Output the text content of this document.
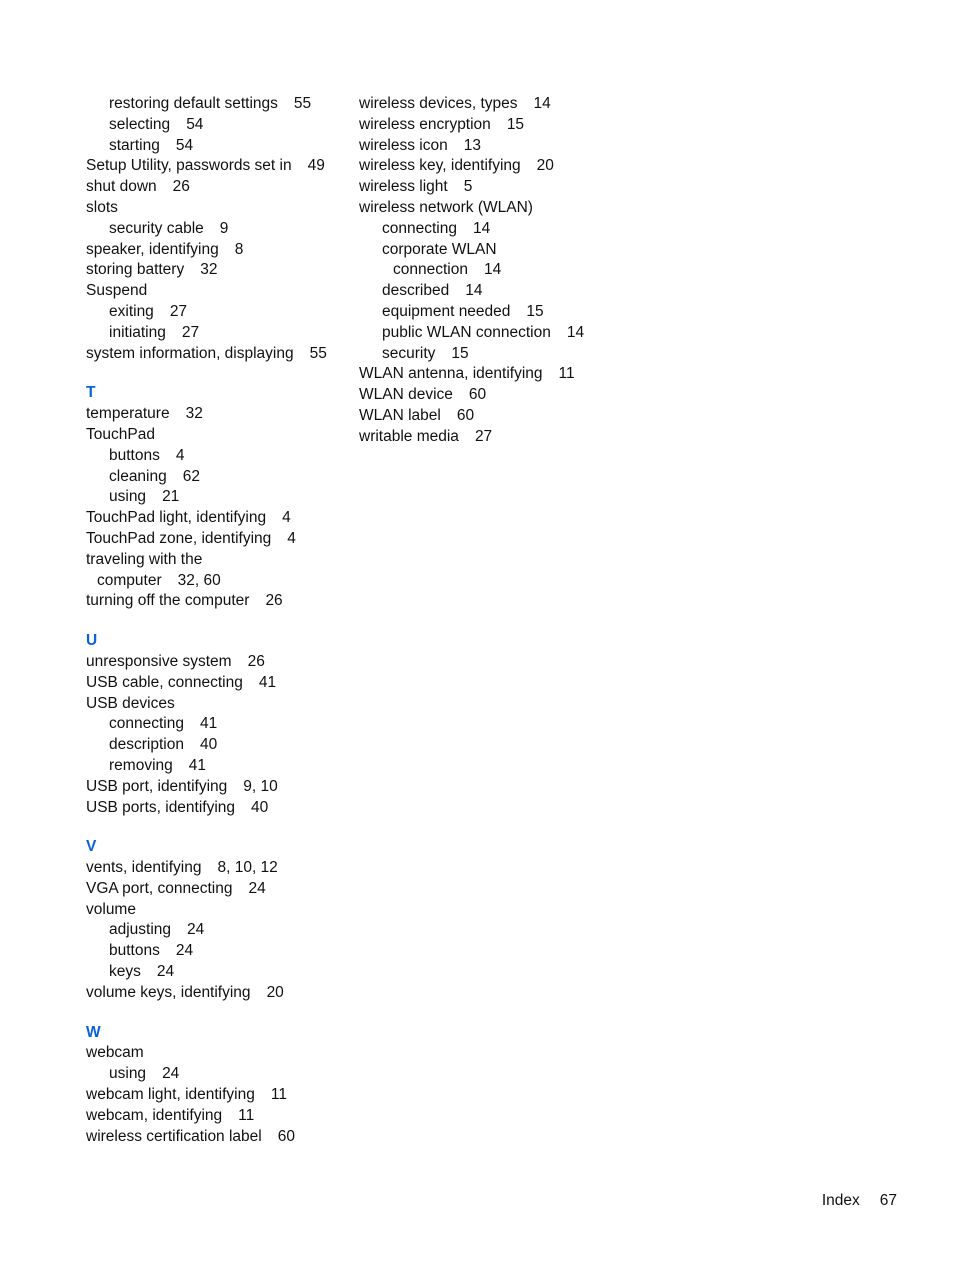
restoring default settings 55
selecting 54
starting 54
Setup Utility, passwords set in 49
shut down 26
slots
security cable 9
speaker, identifying 8
storing battery 32
Suspend
exiting 27
initiating 27
system information, displaying 55
T
temperature 32
TouchPad
buttons 4
cleaning 62
using 21
TouchPad light, identifying 4
TouchPad zone, identifying 4
traveling with the
computer 32, 60
turning off the computer 26
U
unresponsive system 26
USB cable, connecting 41
USB devices
connecting 41
description 40
removing 41
USB port, identifying 9, 10
USB ports, identifying 40
V
vents, identifying 8, 10, 12
VGA port, connecting 24
volume
adjusting 24
buttons 24
keys 24
volume keys, identifying 20
W
webcam
using 24
webcam light, identifying 11
webcam, identifying 11
wireless certification label 60
wireless devices, types 14
wireless encryption 15
wireless icon 13
wireless key, identifying 20
wireless light 5
wireless network (WLAN)
connecting 14
corporate WLAN
connection 14
described 14
equipment needed 15
public WLAN connection 14
security 15
WLAN antenna, identifying 11
WLAN device 60
WLAN label 60
writable media 27
Index 67
